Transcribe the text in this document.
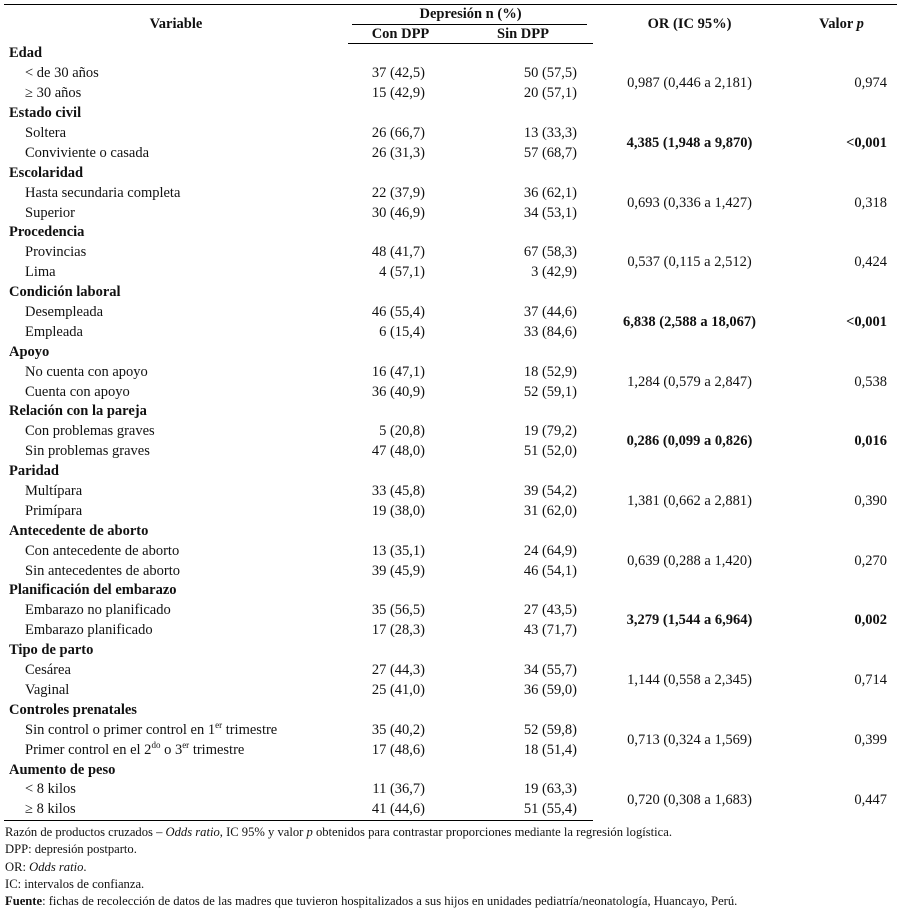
Variable	Depresión n (%)		OR (IC 95%)	Valor p
	Con DPP	Sin DPP		
Edad				
< de 30 años	37 (42,5)	50 (57,5)	0,987 (0,446 a 2,181)	0,974
≥ 30 años	15 (42,9)	20 (57,1)		
Estado civil				
Soltera	26 (66,7)	13 (33,3)	4,385 (1,948 a 9,870)	<0,001
Conviviente o casada	26 (31,3)	57 (68,7)		
Escolaridad				
Hasta secundaria completa	22 (37,9)	36 (62,1)	0,693 (0,336 a 1,427)	0,318
Superior	30 (46,9)	34 (53,1)		
Procedencia				
Provincias	48 (41,7)	67 (58,3)	0,537 (0,115 a 2,512)	0,424
Lima	4 (57,1)	3 (42,9)		
Condición laboral				
Desempleada	46 (55,4)	37 (44,6)	6,838 (2,588 a 18,067)	<0,001
Empleada	6 (15,4)	33 (84,6)		
Apoyo				
No cuenta con apoyo	16 (47,1)	18 (52,9)	1,284 (0,579 a 2,847)	0,538
Cuenta con apoyo	36 (40,9)	52 (59,1)		
Relación con la pareja				
Con problemas graves	5 (20,8)	19 (79,2)	0,286 (0,099 a 0,826)	0,016
Sin problemas graves	47 (48,0)	51 (52,0)		
Paridad				
Multípara	33 (45,8)	39 (54,2)	1,381 (0,662 a 2,881)	0,390
Primípara	19 (38,0)	31 (62,0)		
Antecedente de aborto				
Con antecedente de aborto	13 (35,1)	24 (64,9)	0,639 (0,288 a 1,420)	0,270
Sin antecedentes de aborto	39 (45,9)	46 (54,1)		
Planificación del embarazo				
Embarazo no planificado	35 (56,5)	27 (43,5)	3,279 (1,544 a 6,964)	0,002
Embarazo planificado	17 (28,3)	43 (71,7)		
Tipo de parto				
Cesárea	27 (44,3)	34 (55,7)	1,144 (0,558 a 2,345)	0,714
Vaginal	25 (41,0)	36 (59,0)		
Controles prenatales				
Sin control o primer control en 1er trimestre	35 (40,2)	52 (59,8)	0,713 (0,324 a 1,569)	0,399
Primer control en el $2^{do}$ o 3er trimestre	17 (48,6)	18 (51,4)		
Aumento de peso				
< 8 kilos	11 (36,7)	19 (63,3)	0,720 (0,308 a 1,683)	0,447
≥ 8 kilos	41 (44,6)	51 (55,4)		
Razón de productos cruzados – Odds ratio, IC 95% y valor p obtenidos para contrastar proporciones mediante la regresión logística.
DPP: depresión postparto.
OR: Odds ratio.
IC: intervalos de confianza.
Fuente: fichas de recolección de datos de las madres que tuvieron hospitalizados a sus hijos en unidades pediatría/neonatología, Huancayo, Perú.
